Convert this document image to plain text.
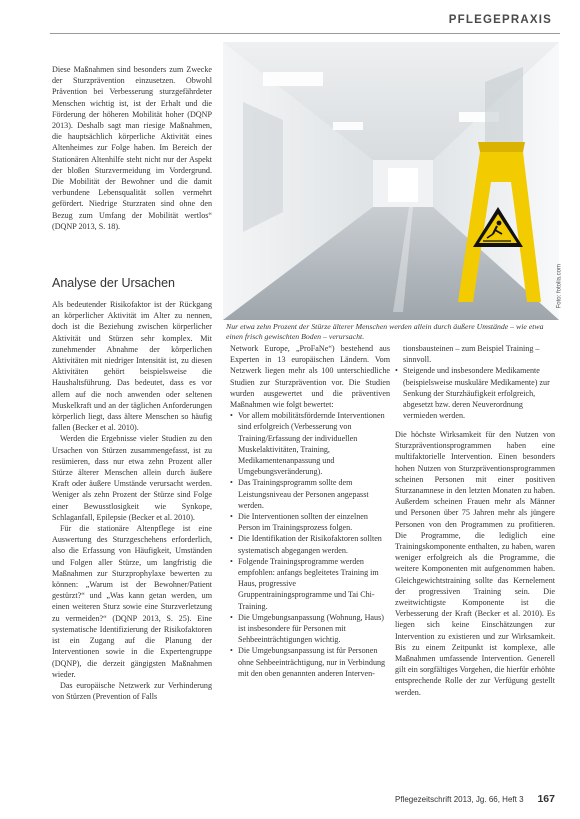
PFLEGEPRAXIS

Diese Maßnahmen sind besonders zum Zwecke der Sturzprävention einzusetzen. Obwohl Prävention bei Verbesserung sturzgefährdeter Menschen wichtig ist, ist der Erhalt und die Förderung der höheren Mobilität hoher (DQNP 2013). Deshalb sagt man riesige Maßnahmen, die hauptsächlich körperliche Aktivität eines Altenheimes zur Folge haben. Im Bereich der Stationären Altenhilfe steht nicht nur der Aspekt der bloßen Sturzvermeidung im Vordergrund. Die Mobilität der Bewohner und die damit verbundene Lebensqualität sollen vermehrt gefördert. Niedrige Sturzraten sind ohne den Bezug zum Umfang der Mobilität wertlos“ (DQNP 2013, S. 18).

Analyse der Ursachen

Als bedeutender Risikofaktor ist der Rückgang an körperlicher Aktivität im Alter zu nennen, doch ist die Beziehung zwischen körperlicher Aktivität und Stürzen sehr komplex. Mit zunehmender Abnahme der körperlichen Aktivitäten mit niedriger Intensität ist, zu diesen Aktivitäten gehört beispielsweise die Haushaltsführung. Das bedeutet, dass es vor allem auf die noch anwenden oder seltenen Muskelkraft und an der täglichen Anforderungen körperlich liegt, dass ältere Menschen so häufig fallen (Becker et al. 2010).

Werden die Ergebnisse vieler Studien zu den Ursachen von Stürzen zusammengefasst, ist zu resümieren, dass nur etwa zehn Prozent aller Stürze älterer Menschen allein durch äußere Kraft oder äußere Umstände verursacht werden. Weniger als zehn Prozent der Stürze sind Folge einer Bewusstlosigkeit wie Synkope, Schlaganfall, Epilepsie (Becker et al. 2010).

Für die stationäre Altenpflege ist eine Auswertung des Sturzgeschehens erforderlich, also die Erfassung von Häufigkeit, Umständen und Folgen aller Stürze, um langfristig die Maßnahmen zur Sturzprophylaxe bewerten zu können: „Warum ist der Bewohner/Patient gestürzt?“ und „Was kann getan werden, um einen weiteren Sturz sowie eine Sturzverletzung zu vermeiden?“ (DQNP 2013, S. 25). Eine systematische Identifizierung der Risikofaktoren ist ein Zugang auf die Planung der Interventionen sowie in die Expertengruppe (DQNP), die derzeit gängigsten Maßnahmen wieder.

Das europäische Netzwerk zur Verhinderung von Stürzen (Prevention of Falls

Foto: fotolia.com
Nur etwa zehn Prozent der Stürze älterer Menschen werden allein durch äußere Umstände – wie etwa einen frisch gewischten Boden – verursacht.

Network Europe, „ProFaNe“) bestehend aus Experten in 13 europäischen Ländern. Vom Netzwerk liegen mehr als 100 unterschiedliche Studien zur Sturzprävention vor. Die Studien wurden ausgewertet und die präventiven Maßnahmen wie folgt bewertet:

• Vor allem mobilitätsfördernde Interventionen sind erfolgreich (Verbesserung von Training/Erfassung der individuellen Muskelaktivitäten, Training, Medikamentenanpassung und Umgebungsveränderung).
• Das Trainingsprogramm sollte dem Leistungsniveau der Personen angepasst werden.
• Die Interventionen sollten der einzelnen Person im Trainingsprozess folgen.
• Die Identifikation der Risikofaktoren sollten systematisch abgegangen werden.
• Folgende Trainingsprogramme werden empfohlen: anfangs begleitetes Training im Haus, progressive Gruppentrainingsprogramme und Tai Chi-Training.
• Die Umgebungsanpassung (Wohnung, Haus) ist insbesondere für Personen mit Sehbeeinträchtigungen wichtig.
• Die Umgebungsanpassung ist für Personen ohne Sehbeeinträchtigung, nur in Verbindung mit den oben genannten anderen Interven-

tionsbausteinen – zum Beispiel Training – sinnvoll.

• Steigende und insbesondere Medikamente (beispielsweise muskuläre Medikamente) zur Senkung der Sturzhäufigkeit erfolgreich, abgesetzt bzw. deren Neuverordnung vermieden werden.

Die höchste Wirksamkeit für den Nutzen von Sturzpräventionsprogrammen haben eine multifaktorielle Intervention. Einen besonders hohen Nutzen von Sturzpräventionsprogrammen scheinen Personen mit einer positiven Sturzanamnese in den letzten Monaten zu haben. Außerdem scheinen Frauen mehr als Männer und Personen über 75 Jahren mehr als jüngere Personen von den Programmen zu profitieren. Die Programme, die lediglich eine Trainingskomponente enthalten, zu haben, waren weniger erfolgreich als die Programme, die weitere Komponenten mit aufgenommen haben. Gleichgewichtstraining sollte das Kernelement der progressiven Training sein. Die zweitwichtigste Komponente ist die Verbesserung der Kraft (Becker et al. 2010). Es liegen sich keine Einschätzungen zur Intervention zu existieren und zur Wirksamkeit. Bis zu einem Zeitpunkt ist komplexe, alle Maßnahmen umfassende Intervention. Generell gilt ein sorgfältiges Vorgehen, die hierfür erhöhte entsprechende Rolle der zur Verfügung gestellt werden.

Pflegezeitschrift 2013, Jg. 66, Heft 3 167
